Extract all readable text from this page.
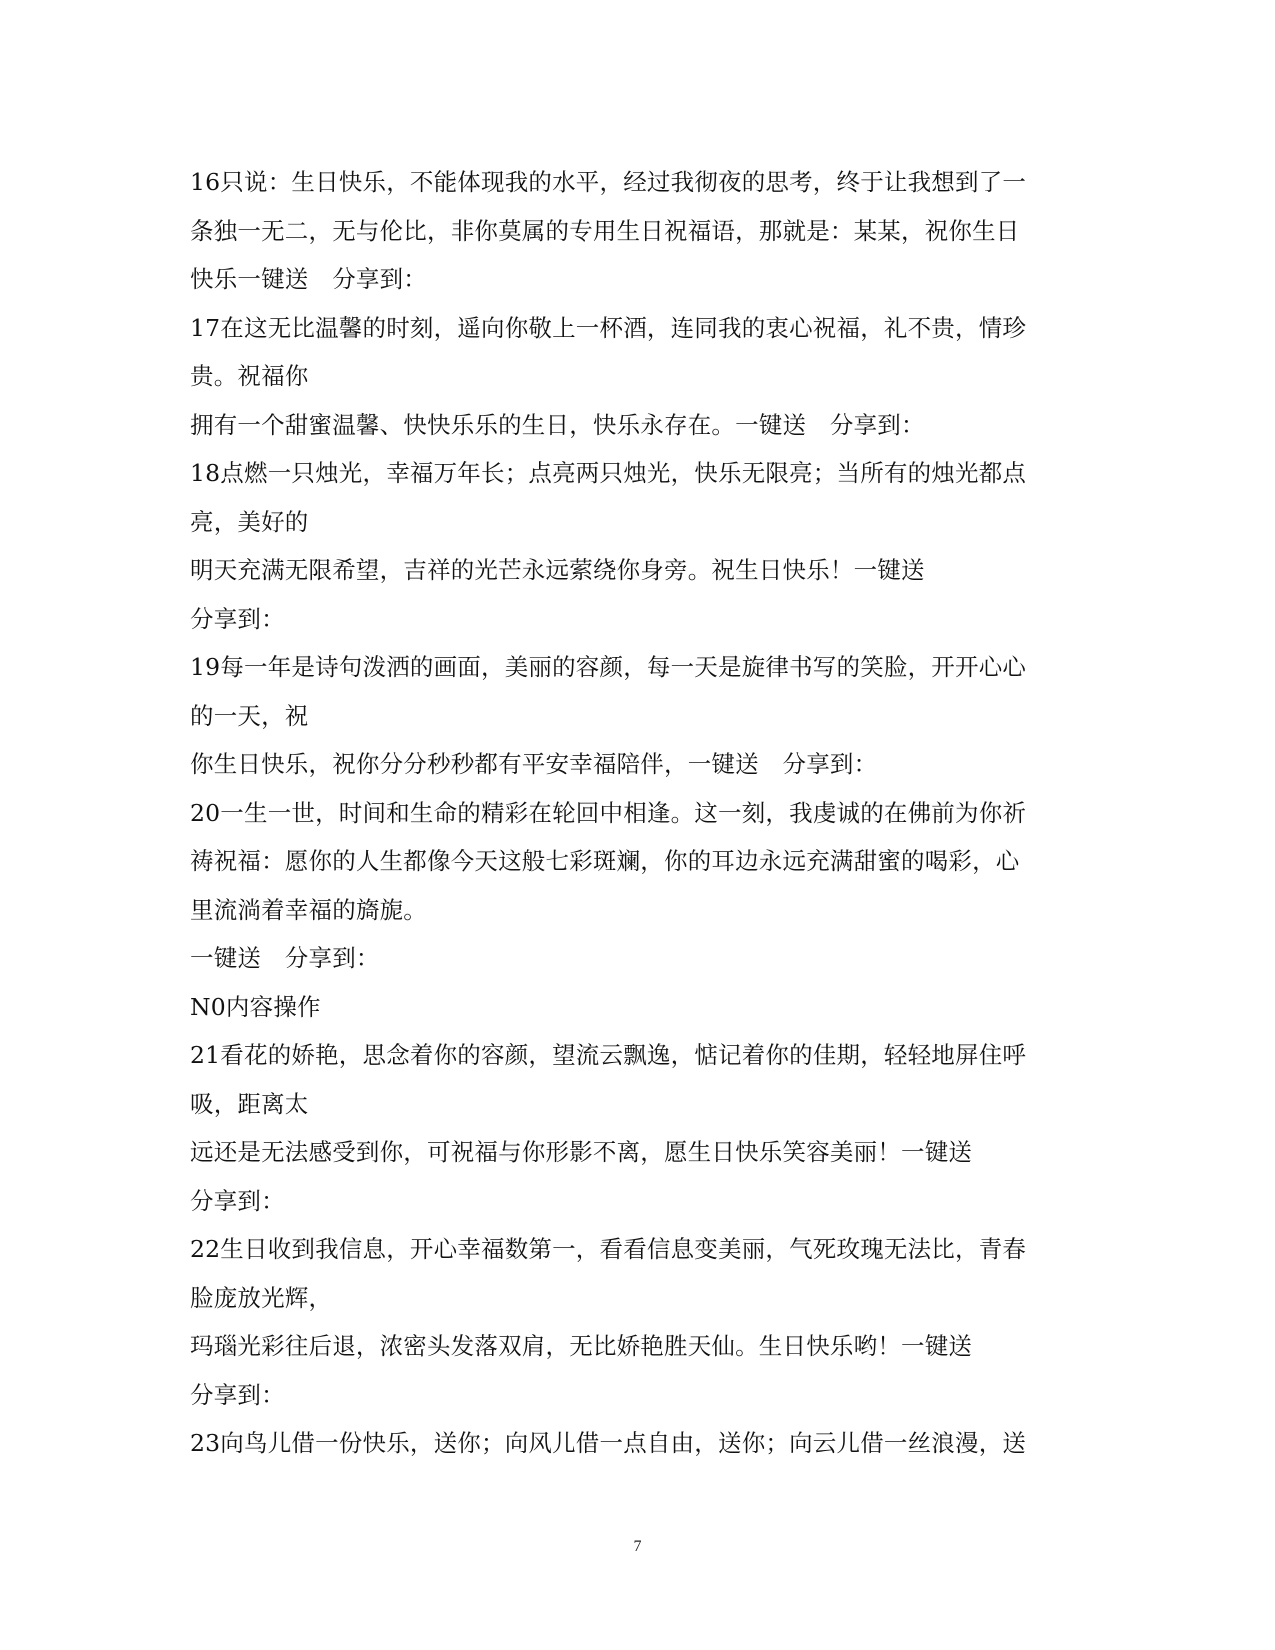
16只说：生日快乐，不能体现我的水平，经过我彻夜的思考，终于让我想到了一
条独一无二，无与伦比，非你莫属的专用生日祝福语，那就是：某某，祝你生日
快乐一键送　分享到：
17在这无比温馨的时刻，遥向你敬上一杯酒，连同我的衷心祝福，礼不贵，情珍
贵。祝福你
拥有一个甜蜜温馨、快快乐乐的生日，快乐永存在。一键送　分享到：
18点燃一只烛光，幸福万年长；点亮两只烛光，快乐无限亮；当所有的烛光都点
亮，美好的
明天充满无限希望，吉祥的光芒永远萦绕你身旁。祝生日快乐！一键送
分享到：
19每一年是诗句泼洒的画面，美丽的容颜，每一天是旋律书写的笑脸，开开心心
的一天，祝
你生日快乐，祝你分分秒秒都有平安幸福陪伴，一键送　分享到：
20一生一世，时间和生命的精彩在轮回中相逢。这一刻，我虔诚的在佛前为你祈
祷祝福：愿你的人生都像今天这般七彩斑斓，你的耳边永远充满甜蜜的喝彩，心
里流淌着幸福的旖旎。
一键送　分享到：
N0内容操作
21看花的娇艳，思念着你的容颜，望流云飘逸，惦记着你的佳期，轻轻地屏住呼
吸，距离太
远还是无法感受到你，可祝福与你形影不离，愿生日快乐笑容美丽！一键送
分享到：
22生日收到我信息，开心幸福数第一，看看信息变美丽，气死玫瑰无法比，青春
脸庞放光辉，
玛瑙光彩往后退，浓密头发落双肩，无比娇艳胜天仙。生日快乐哟！一键送
分享到：
23向鸟儿借一份快乐，送你；向风儿借一点自由，送你；向云儿借一丝浪漫，送
7
